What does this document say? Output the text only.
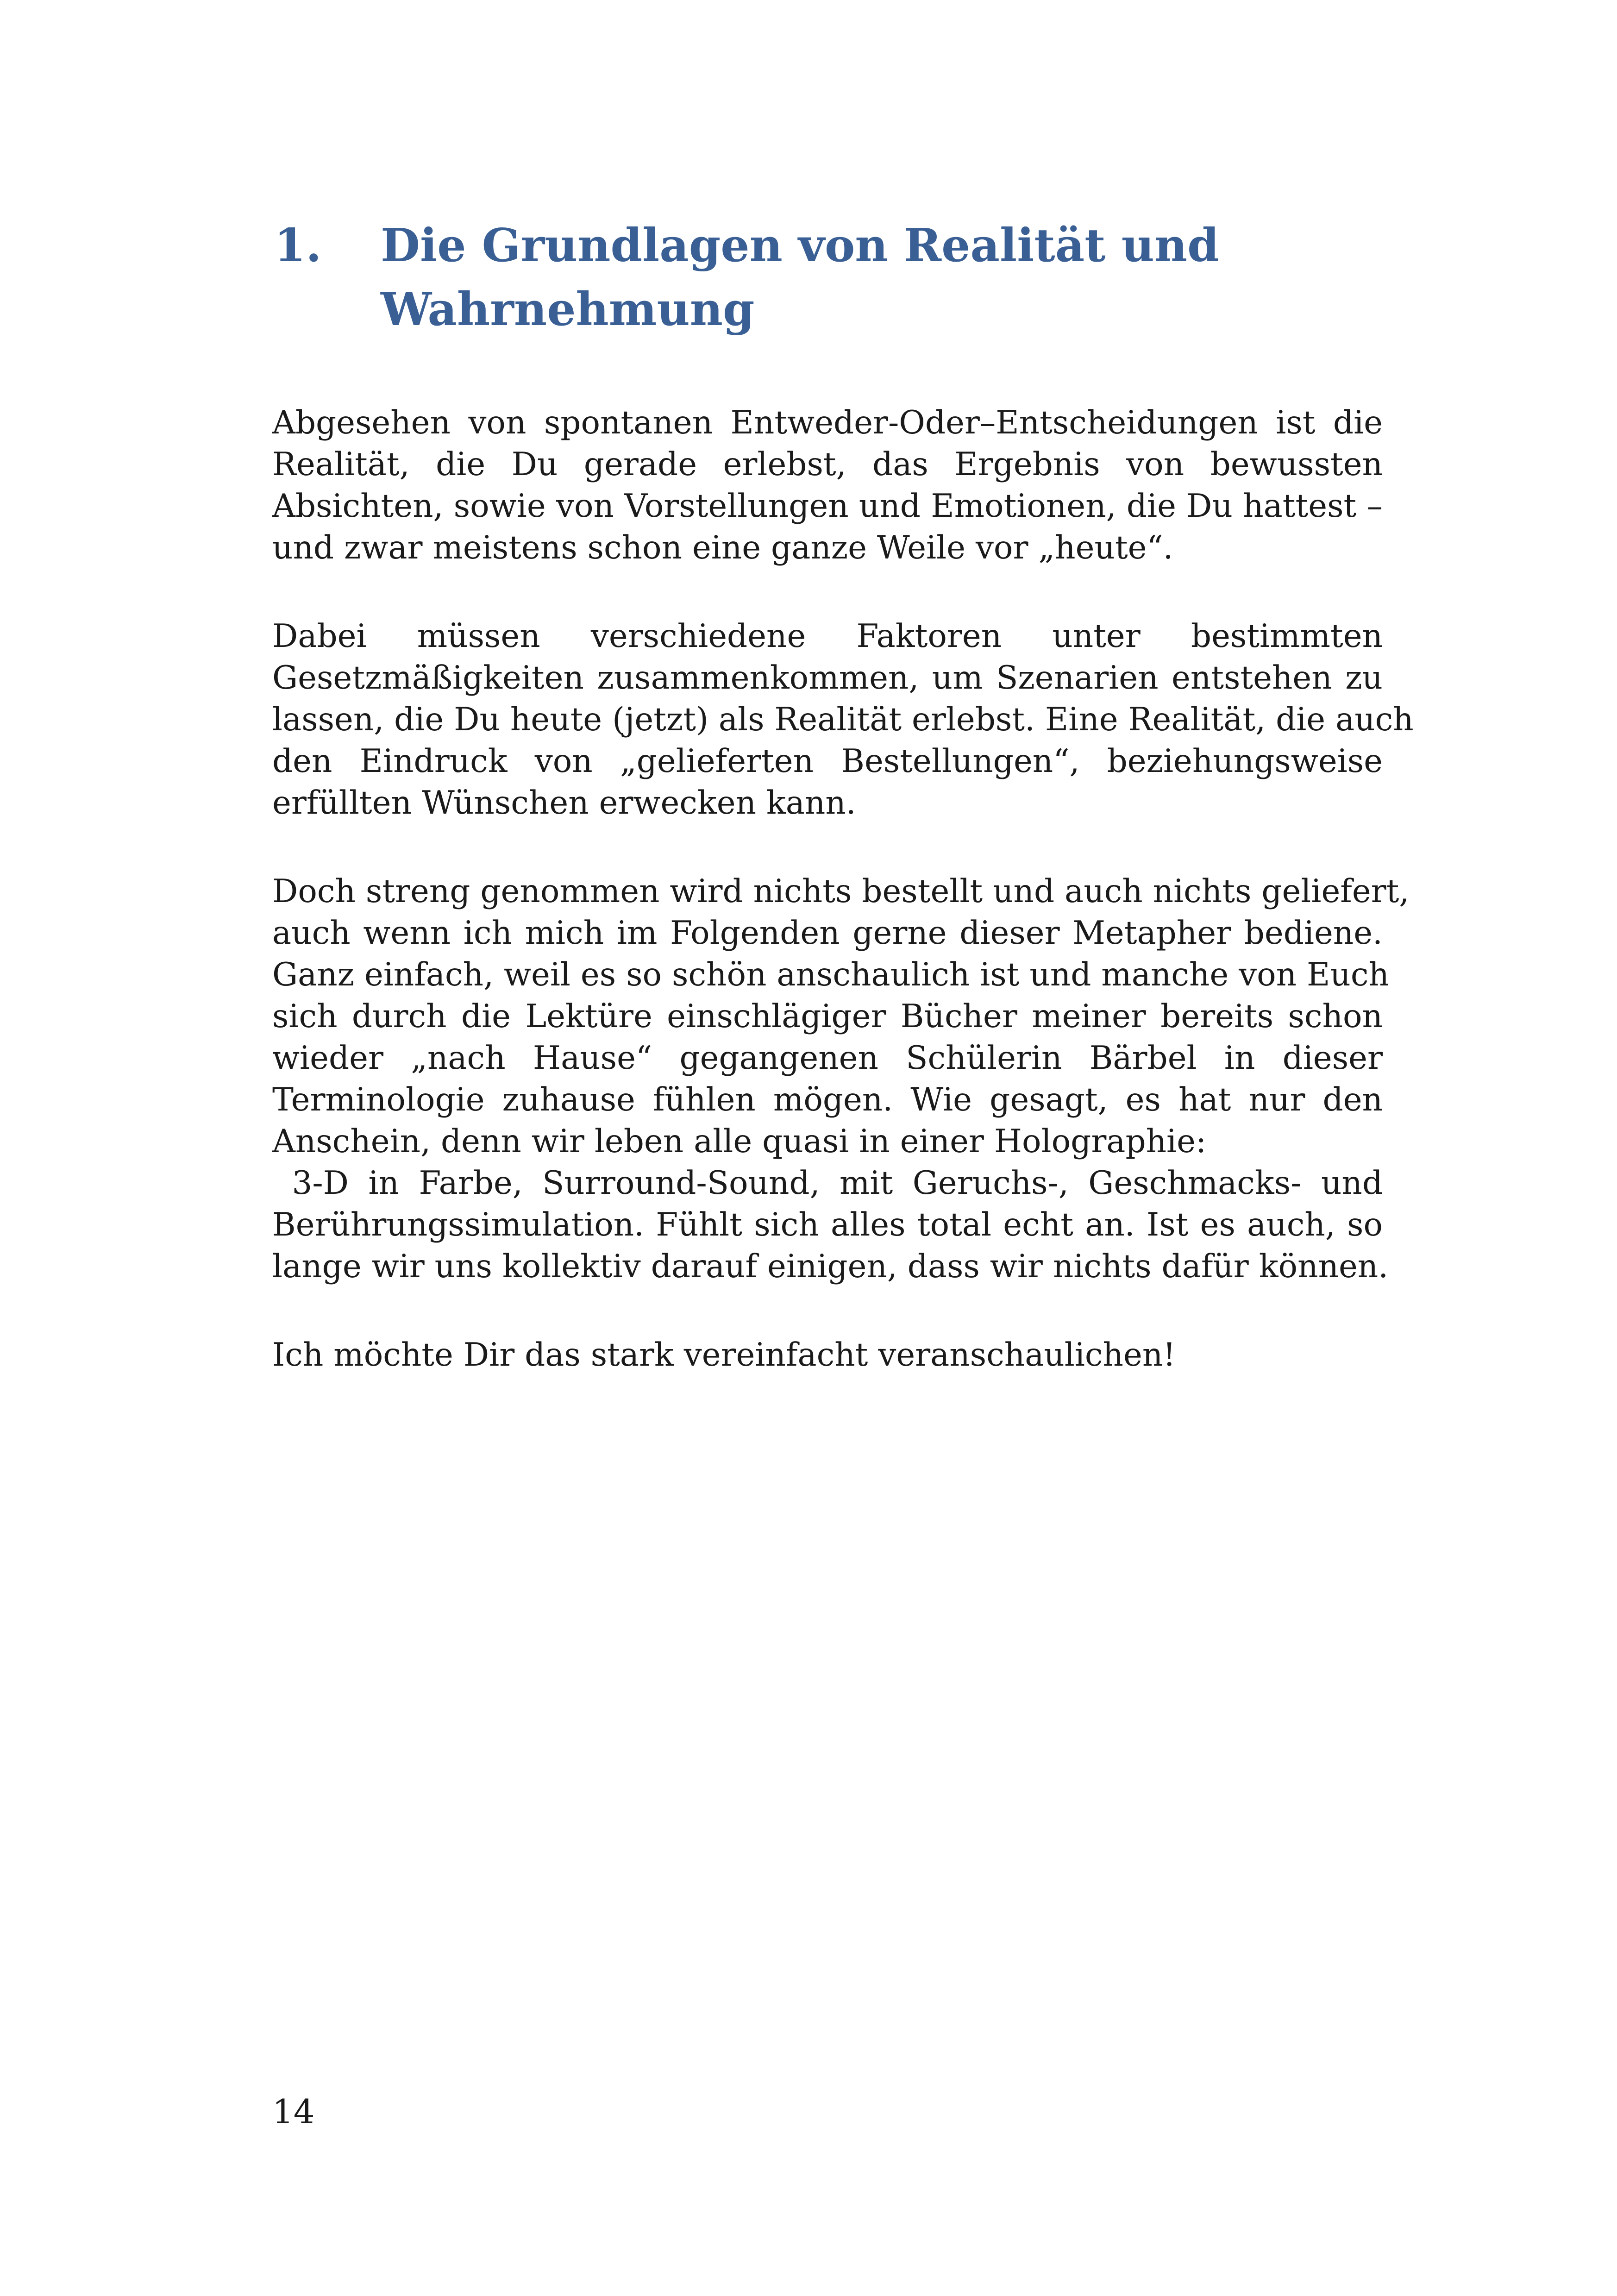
1.	Die Grundlagen von Realität und
Wahrnehmung

Abgesehen von spontanen Entweder-Oder–Entscheidungen ist die
Realität, die Du gerade erlebst, das Ergebnis von bewussten
Absichten, sowie von Vorstellungen und Emotionen, die Du hattest –
und zwar meistens schon eine ganze Weile vor „heute“.

Dabei müssen verschiedene Faktoren unter bestimmten
Gesetzmäßigkeiten zusammenkommen, um Szenarien entstehen zu
lassen, die Du heute (jetzt) als Realität erlebst. Eine Realität, die auch
den Eindruck von „gelieferten Bestellungen“, beziehungsweise
erfüllten Wünschen erwecken kann.

Doch streng genommen wird nichts bestellt und auch nichts geliefert,
auch wenn ich mich im Folgenden gerne dieser Metapher bediene.
Ganz einfach, weil es so schön anschaulich ist und manche von Euch
sich durch die Lektüre einschlägiger Bücher meiner bereits schon
wieder „nach Hause“ gegangenen Schülerin Bärbel in dieser
Terminologie zuhause fühlen mögen. Wie gesagt, es hat nur den
Anschein, denn wir leben alle quasi in einer Holographie:
3-D in Farbe, Surround-Sound, mit Geruchs-, Geschmacks- und
Berührungssimulation. Fühlt sich alles total echt an. Ist es auch, so
lange wir uns kollektiv darauf einigen, dass wir nichts dafür können.

Ich möchte Dir das stark vereinfacht veranschaulichen!

14
